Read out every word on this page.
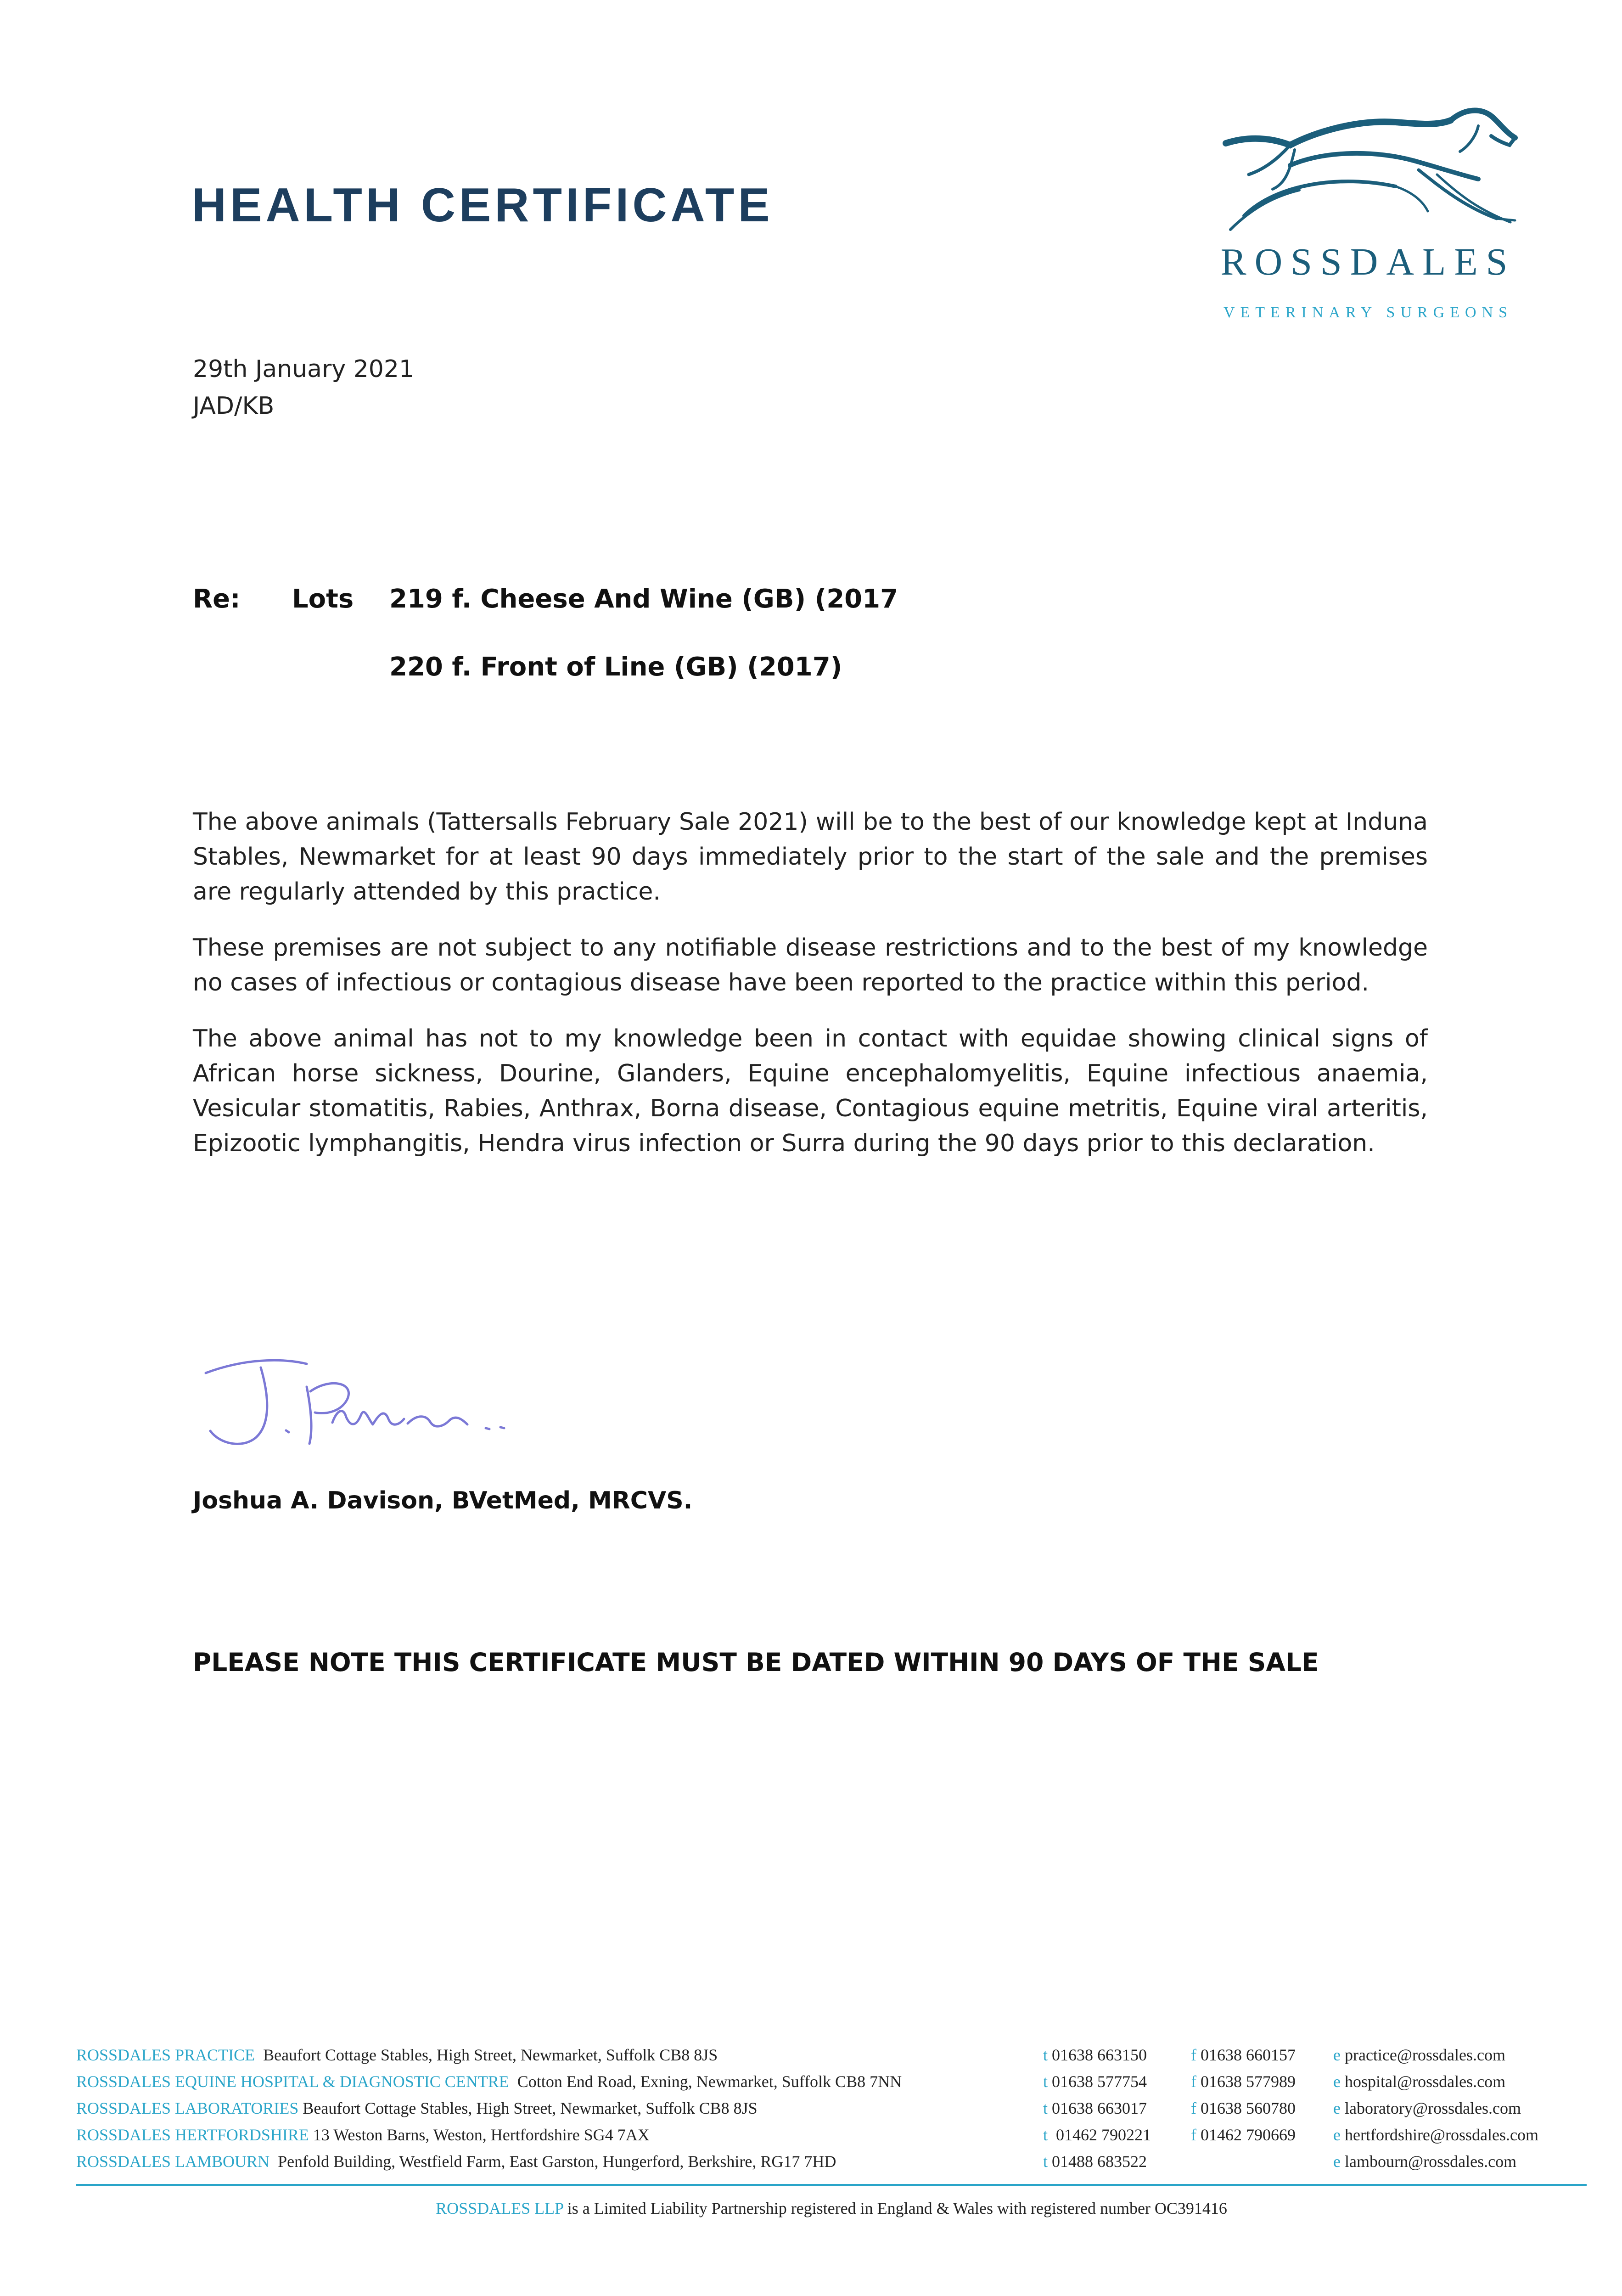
HEALTH CERTIFICATE
ROSSDALES
VETERINARY SURGEONS
29th January 2021
JAD/KB
Re: Lots 219 f. Cheese And Wine (GB) (2017
220 f. Front of Line (GB) (2017)

The above animals (Tattersalls February Sale 2021) will be to the best of our knowledge kept at Induna Stables, Newmarket for at least 90 days immediately prior to the start of the sale and the premises are regularly attended by this practice.

These premises are not subject to any notifiable disease restrictions and to the best of my knowledge no cases of infectious or contagious disease have been reported to the practice within this period.

The above animal has not to my knowledge been in contact with equidae showing clinical signs of African horse sickness, Dourine, Glanders, Equine encephalomyelitis, Equine infectious anaemia, Vesicular stomatitis, Rabies, Anthrax, Borna disease, Contagious equine metritis, Equine viral arteritis, Epizootic lymphangitis, Hendra virus infection or Surra during the 90 days prior to this declaration.

Joshua A. Davison, BVetMed, MRCVS.
PLEASE NOTE THIS CERTIFICATE MUST BE DATED WITHIN 90 DAYS OF THE SALE
ROSSDALES PRACTICE Beaufort Cottage Stables, High Street, Newmarket, Suffolk CB8 8JS	t 01638 663150	f 01638 660157 e practice@rossdales.com
ROSSDALES EQUINE HOSPITAL & DIAGNOSTIC CENTRE Cotton End Road, Exning, Newmarket, Suffolk CB8 7NN	t 01638 577754	f 01638 577989 e hospital@rossdales.com
ROSSDALES LABORATORIES Beaufort Cottage Stables, High Street, Newmarket, Suffolk CB8 8JS	t 01638 663017	f 01638 560780 e laboratory@rossdales.com
ROSSDALES HERTFORDSHIRE 13 Weston Barns, Weston, Hertfordshire SG4 7AX	t 01462 790221 f 01462 790669 e hertfordshire@rossdales.com
ROSSDALES LAMBOURN Penfold Building, Westfield Farm, East Garston, Hungerford, Berkshire, RG17 7HD	t 01488 683522	e lambourn@rossdales.com
ROSSDALES LLP is a Limited Liability Partnership registered in England & Wales with registered number OC391416
